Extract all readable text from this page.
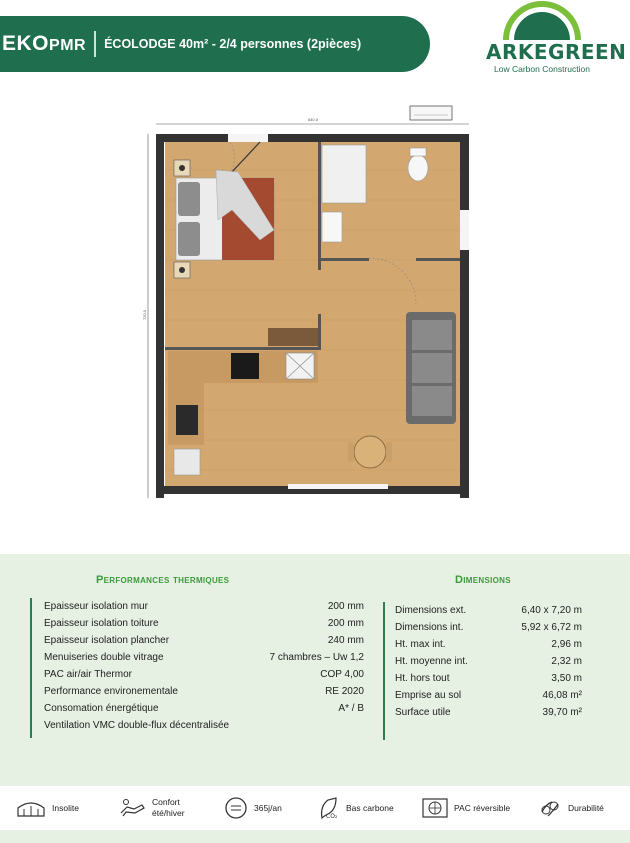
EKOPMR ÉCOLODGE 40m² - 2/4 personnes (2pièces)	ARKEGREEN
Low Carbon Construction
640.0
720.0
Performances thermiques
Epaisseur isolation mur	200 mm
Epaisseur isolation toiture	200 mm
Epaisseur isolation plancher	240 mm
Menuiseries double vitrage	7 chambres – Uw 1,2
PAC air/air Thermor	COP 4,00
Performance environementale	RE 2020
Consomation énergétique	A* / B
Ventilation VMC double-flux décentralisée
Dimensions
Dimensions ext.	6,40 x 7,20 m
Dimensions int.	5,92 x 6,72 m
Ht. max int.	2,96 m
Ht. moyenne int.	2,32 m
Ht. hors tout	3,50 m
Emprise au sol	46,08 m²
Surface utile	39,70 m²
Insolite
Confort
été/hiver	365j/an
CO₂
Bas carbone	PAC réversible	Durabilité
